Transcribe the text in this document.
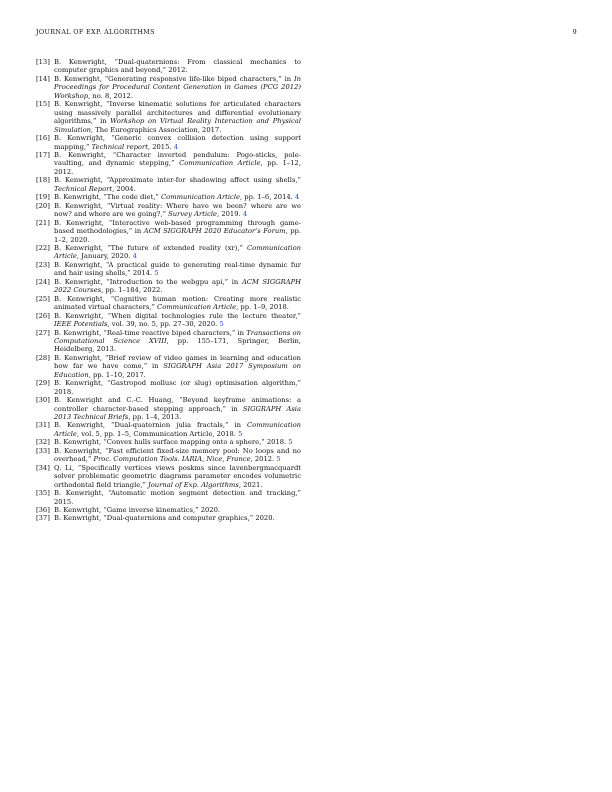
JOURNAL OF EXP. ALGORITHMS	9
[13] B. Kenwright, “Dual-quaternions: From classical mechanics to computer graphics and beyond,” 2012.
[14] B. Kenwright, “Generating responsive life-like biped characters,” in In Proceedings for Procedural Content Generation in Games (PCG 2012) Workshop, no. 8, 2012.
[15] B. Kenwright, “Inverse kinematic solutions for articulated characters using massively parallel architectures and differential evolutionary algorithms,” in Workshop on Virtual Reality Interaction and Physical Simulation, The Eurographics Association, 2017.
[16] B. Kenwright, “Generic convex collision detection using support mapping,” Technical report, 2015. 4
[17] B. Kenwright, “Character inverted pendulum: Pogo-sticks, pole-vaulting, and dynamic stepping,” Communication Article, pp. 1–12, 2012.
[18] B. Kenwright, “Approximate inter-for shadowing affect using shells,” Technical Report, 2004.
[19] B. Kenwright, “The code diet,” Communication Article, pp. 1–6, 2014. 4
[20] B. Kenwright, “Virtual reality: Where have we been? where are we now? and where are we going?,” Survey Article, 2019. 4
[21] B. Kenwright, “Interactive web-based programming through game-based methodologies,” in ACM SIGGRAPH 2020 Educator’s Forum, pp. 1–2, 2020.
[22] B. Kenwright, “The future of extended reality (xr),” Communication Article, January, 2020. 4
[23] B. Kenwright, “A practical guide to generating real-time dynamic fur and hair using shells,” 2014. 5
[24] B. Kenwright, “Introduction to the webgpu api,” in ACM SIGGRAPH 2022 Courses, pp. 1–184, 2022.
[25] B. Kenwright, “Cognitive human motion: Creating more realistic animated virtual characters,” Communication Article, pp. 1–9, 2018.
[26] B. Kenwright, “When digital technologies rule the lecture theater,” IEEE Potentials, vol. 39, no. 5, pp. 27–30, 2020. 5
[27] B. Kenwright, “Real-time reactive biped characters,” in Transactions on Computational Science XVIII, pp. 155–171, Springer, Berlin, Heidelberg, 2013.
[28] B. Kenwright, “Brief review of video games in learning and education how far we have come,” in SIGGRAPH Asia 2017 Symposium on Education, pp. 1–10, 2017.
[29] B. Kenwright, “Gastropod mollusc (or slug) optimisation algorithm,” 2018.
[30] B. Kenwright and C.-C. Huang, “Beyond keyframe animations: a controller character-based stepping approach,” in SIGGRAPH Asia 2013 Technical Briefs, pp. 1–4, 2013.
[31] B. Kenwright, “Dual-quaternion julia fractals,” in Communication Article, vol. 5, pp. 1–5, Communication Article, 2018. 5
[32] B. Kenwright, “Convex hulls surface mapping onto a sphere,” 2018. 5
[33] B. Kenwright, “Fast efficient fixed-size memory pool: No loops and no overhead,” Proc. Computation Tools. IARIA, Nice, France, 2012. 5
[34] Q. Li, “Specifically vertices views poskms since lavenbergmacquardt solver problematic geometric diagrams parameter encodes volumetric orthodontal field triangle,” Journal of Exp. Algorithms, 2021.
[35] B. Kenwright, “Automatic motion segment detection and tracking,” 2015.
[36] B. Kenwright, “Game inverse kinematics,” 2020.
[37] B. Kenwright, “Dual-quaternions and computer graphics,” 2020.
